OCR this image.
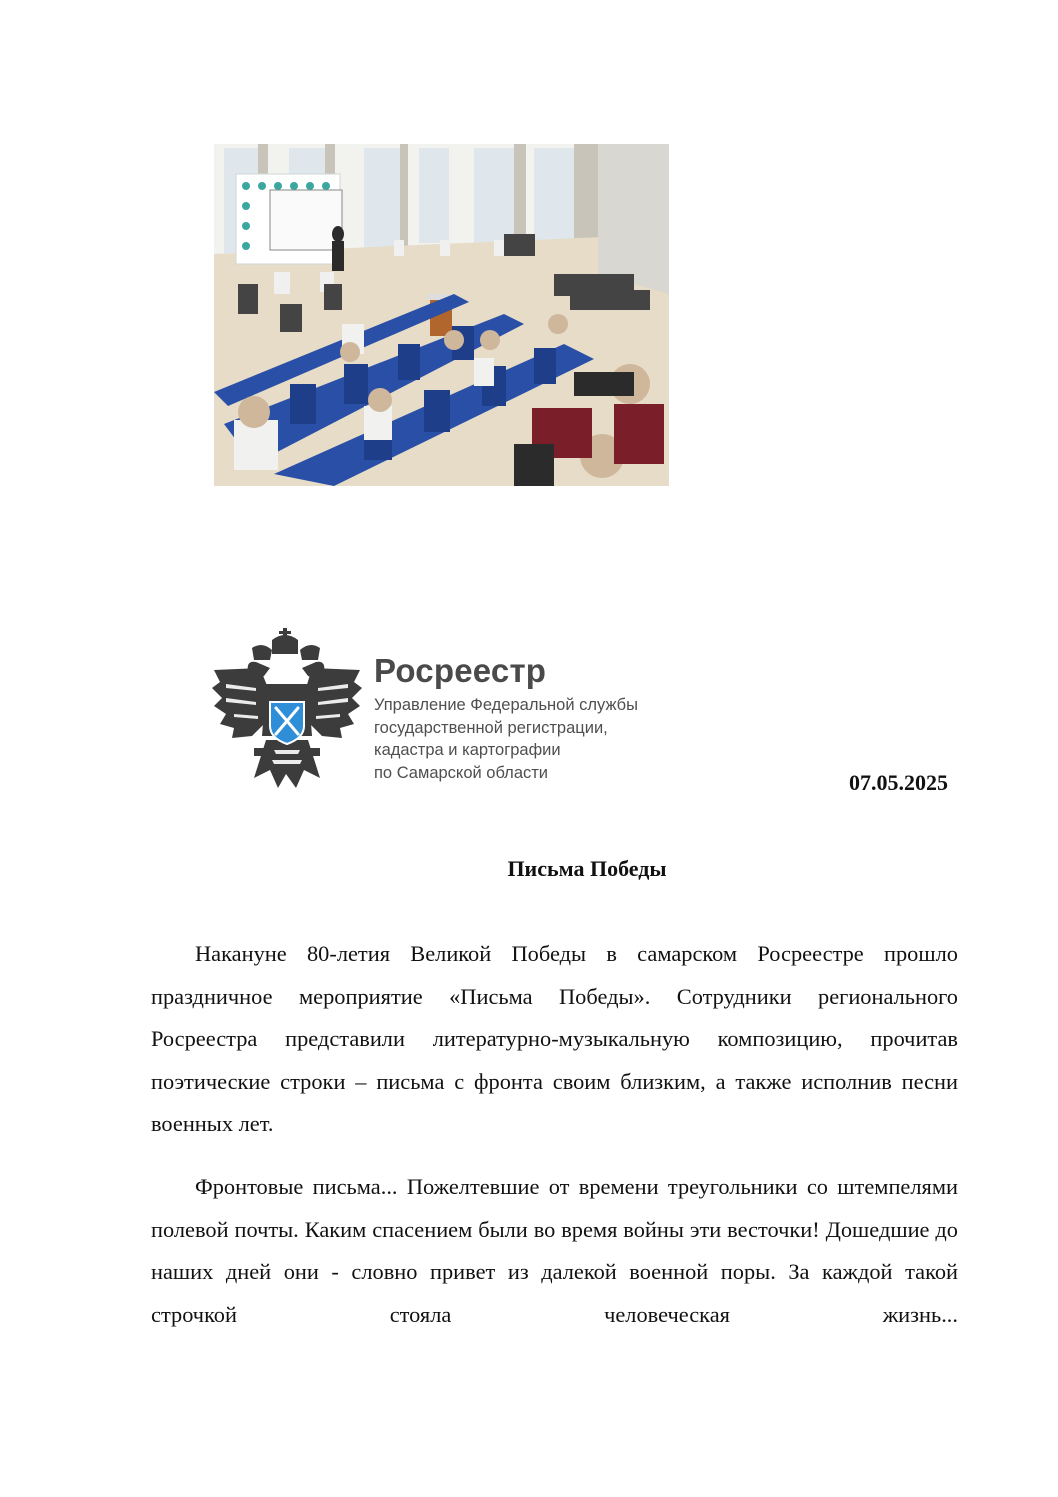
Росреестр
Управление Федеральной службы
государственной регистрации,
кадастра и картографии
по Самарской области	07.05.2025

Письма Победы

Накануне 80-летия Великой Победы в самарском Росреестре прошло праздничное мероприятие «Письма Победы». Сотрудники регионального Росреестра представили литературно-музыкальную композицию, прочитав поэтические строки – письма с фронта своим близким, а также исполнив песни военных лет.

Фронтовые письма... Пожелтевшие от времени треугольники со штемпелями полевой почты. Каким спасением были во время войны эти весточки! Дошедшие до наших дней они - словно привет из далекой военной поры. За каждой такой строчкой стояла человеческая жизнь...
